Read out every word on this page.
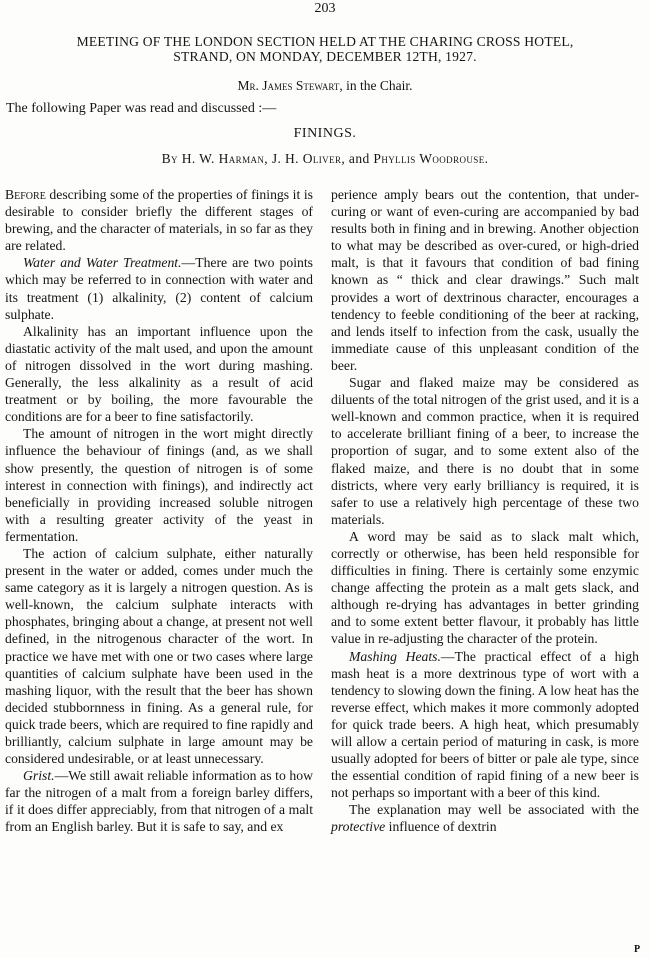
203
MEETING OF THE LONDON SECTION HELD AT THE CHARING CROSS HOTEL,
STRAND, ON MONDAY, DECEMBER 12TH, 1927.
Mr. James Stewart, in the Chair.
The following Paper was read and discussed :—
FININGS.
By H. W. Harman, J. H. Oliver, and Phyllis Woodrouse.

Before describing some of the properties of finings it is desirable to consider briefly the different stages of brewing, and the character of materials, in so far as they are related.

Water and Water Treatment.—There are two points which may be referred to in connection with water and its treatment (1) alkalinity, (2) content of calcium sulphate.

Alkalinity has an important influence upon the diastatic activity of the malt used, and upon the amount of nitrogen dissolved in the wort during mashing. Generally, the less alkalinity as a result of acid treatment or by boiling, the more favourable the conditions are for a beer to fine satisfactorily.

The amount of nitrogen in the wort might directly influence the behaviour of finings (and, as we shall show presently, the question of nitrogen is of some interest in connection with finings), and indirectly act beneficially in providing increased soluble nitrogen with a resulting greater activity of the yeast in fermentation.

The action of calcium sulphate, either naturally present in the water or added, comes under much the same category as it is largely a nitrogen question. As is well-known, the calcium sulphate interacts with phosphates, bringing about a change, at present not well defined, in the nitrogenous character of the wort. In practice we have met with one or two cases where large quantities of calcium sulphate have been used in the mashing liquor, with the result that the beer has shown decided stubbornness in fining. As a general rule, for quick trade beers, which are required to fine rapidly and brilliantly, calcium sulphate in large amount may be considered undesirable, or at least unnecessary.

Grist.—We still await reliable information as to how far the nitrogen of a malt from a foreign barley differs, if it does differ appreciably, from that nitrogen of a malt from an English barley. But it is safe to say, and ex

perience amply bears out the contention, that under-curing or want of even-curing are accompanied by bad results both in fining and in brewing. Another objection to what may be described as over-cured, or high-dried malt, is that it favours that condition of bad fining known as “ thick and clear drawings.” Such malt provides a wort of dextrinous character, encourages a tendency to feeble conditioning of the beer at racking, and lends itself to infection from the cask, usually the immediate cause of this unpleasant condition of the beer.

Sugar and flaked maize may be considered as diluents of the total nitrogen of the grist used, and it is a well-known and common practice, when it is required to accelerate brilliant fining of a beer, to increase the proportion of sugar, and to some extent also of the flaked maize, and there is no doubt that in some districts, where very early brilliancy is required, it is safer to use a relatively high percentage of these two materials.

A word may be said as to slack malt which, correctly or otherwise, has been held responsible for difficulties in fining. There is certainly some enzymic change affecting the protein as a malt gets slack, and although re-drying has advantages in better grinding and to some extent better flavour, it probably has little value in re-adjusting the character of the protein.

Mashing Heats.—The practical effect of a high mash heat is a more dextrinous type of wort with a tendency to slowing down the fining. A low heat has the reverse effect, which makes it more commonly adopted for quick trade beers. A high heat, which presumably will allow a certain period of maturing in cask, is more usually adopted for beers of bitter or pale ale type, since the essential condition of rapid fining of a new beer is not perhaps so important with a beer of this kind.

The explanation may well be associated with the protective influence of dextrin

P
